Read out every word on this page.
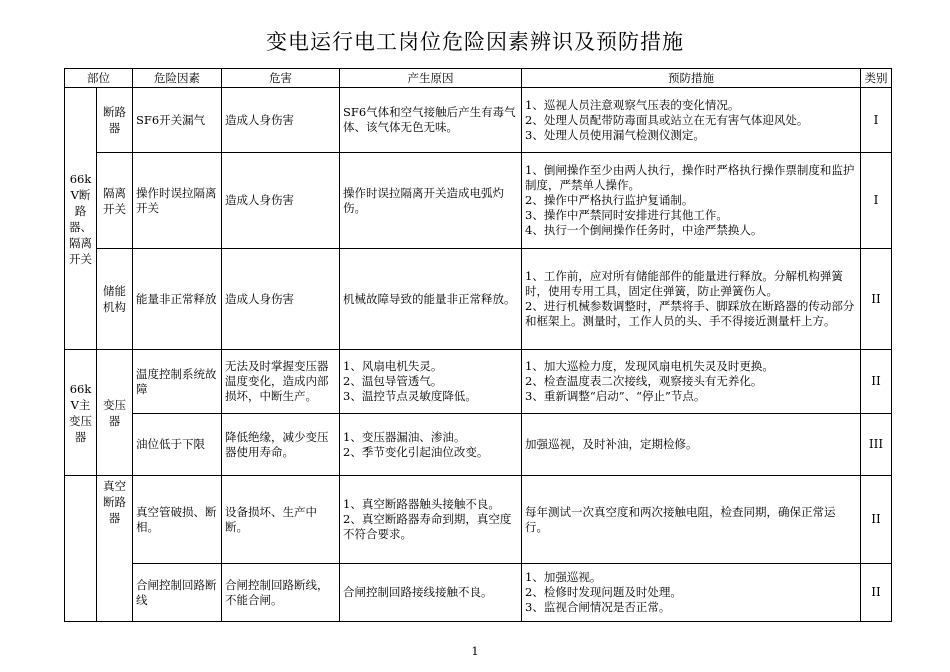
变电运行电工岗位危险因素辨识及预防措施
部位		危险因素	危害	产生原因	预防措施	类别
66kV断路器、隔离开关	断路器	SF6开关漏气	造成人身伤害	SF6气体和空气接触后产生有毒气体、该气体无色无味。	1、巡视人员注意观察气压表的变化情况。
2、处理人员配带防毒面具或站立在无有害气体迎风处。
3、处理人员使用漏气检测仪测定。	I
	隔离开关	操作时误拉隔离开关	造成人身伤害	操作时误拉隔离开关造成电弧灼伤。	1、倒闸操作至少由两人执行，操作时严格执行操作票制度和监护制度，严禁单人操作。
2、操作中严格执行监护复诵制。
3、操作中严禁同时安排进行其他工作。
4、执行一个倒闸操作任务时，中途严禁换人。	I
	储能机构	能量非正常释放	造成人身伤害	机械故障导致的能量非正常释放。	1、工作前，应对所有储能部件的能量进行释放。分解机构弹簧时，使用专用工具，固定住弹簧，防止弹簧伤人。
2、进行机械参数调整时，严禁将手、脚踩放在断路器的传动部分和框架上。测量时，工作人员的头、手不得接近测量杆上方。	II
66kV主变压器	变压器	温度控制系统故障	无法及时掌握变压器温度变化，造成内部损坏，中断生产。	1、风扇电机失灵。
2、温包导管透气。
3、温控节点灵敏度降低。	1、加大巡检力度，发现风扇电机失灵及时更换。
2、检查温度表二次接线，观察接头有无养化。
3、重新调整“启动”、“停止”节点。	II
		油位低于下限	降低绝缘，减少变压器使用寿命。	1、变压器漏油、渗油。
2、季节变化引起油位改变。	加强巡视，及时补油，定期检修。	III
	真空断路器	真空管破损、断相。	设备损坏、生产中断。	1、真空断路器触头接触不良。
2、真空断路器寿命到期，真空度不符合要求。	每年测试一次真空度和两次接触电阻，检查同期，确保正常运行。	II
		合闸控制回路断线	合闸控制回路断线，不能合闸。	合闸控制回路接线接触不良。	1、加强巡视。
2、检修时发现问题及时处理。
3、监视合闸情况是否正常。	II
1
